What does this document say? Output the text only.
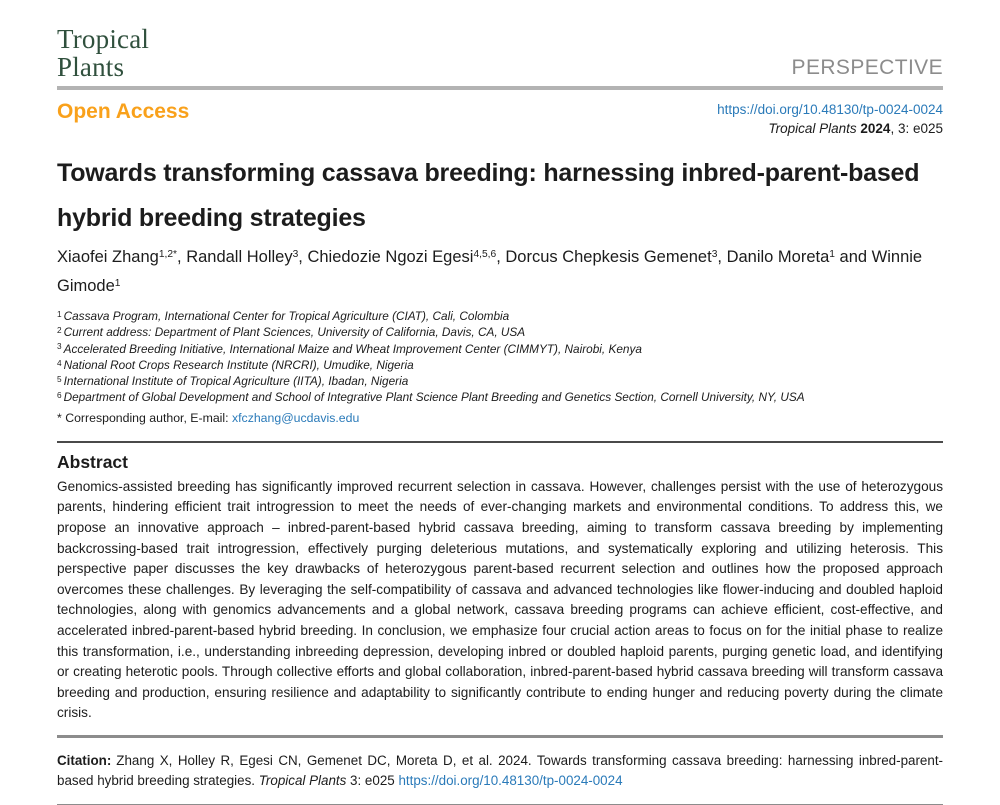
Tropical
Plants	PERSPECTIVE
Open Access	https://doi.org/10.48130/tp-0024-0024
Tropical Plants 2024, 3: e025
Towards transforming cassava breeding: harnessing inbred-parent-based hybrid breeding strategies
Xiaofei Zhang$^{1,2*}$, Randall Holley$^3$, Chiedozie Ngozi Egesi$^{4,5,6}$, Dorcus Chepkesis Gemenet$^3$, Danilo Moreta$^1$ and Winnie Gimode$^1$
$^1$ Cassava Program, International Center for Tropical Agriculture (CIAT), Cali, Colombia
$^2$ Current address: Department of Plant Sciences, University of California, Davis, CA, USA
$^3$ Accelerated Breeding Initiative, International Maize and Wheat Improvement Center (CIMMYT), Nairobi, Kenya
$^4$ National Root Crops Research Institute (NRCRI), Umudike, Nigeria
$^5$ International Institute of Tropical Agriculture (IITA), Ibadan, Nigeria
$^6$ Department of Global Development and School of Integrative Plant Science Plant Breeding and Genetics Section, Cornell University, NY, USA
* Corresponding author, E-mail: xfczhang@ucdavis.edu
Abstract
Genomics-assisted breeding has significantly improved recurrent selection in cassava. However, challenges persist with the use of heterozygous parents, hindering efficient trait introgression to meet the needs of ever-changing markets and environmental conditions. To address this, we propose an innovative approach – inbred-parent-based hybrid cassava breeding, aiming to transform cassava breeding by implementing backcrossing-based trait introgression, effectively purging deleterious mutations, and systematically exploring and utilizing heterosis. This perspective paper discusses the key drawbacks of heterozygous parent-based recurrent selection and outlines how the proposed approach overcomes these challenges. By leveraging the self-compatibility of cassava and advanced technologies like flower-inducing and doubled haploid technologies, along with genomics advancements and a global network, cassava breeding programs can achieve efficient, cost-effective, and accelerated inbred-parent-based hybrid breeding. In conclusion, we emphasize four crucial action areas to focus on for the initial phase to realize this transformation, i.e., understanding inbreeding depression, developing inbred or doubled haploid parents, purging genetic load, and identifying or creating heterotic pools. Through collective efforts and global collaboration, inbred-parent-based hybrid cassava breeding will transform cassava breeding and production, ensuring resilience and adaptability to significantly contribute to ending hunger and reducing poverty during the climate crisis.
Citation: Zhang X, Holley R, Egesi CN, Gemenet DC, Moreta D, et al. 2024. Towards transforming cassava breeding: harnessing inbred-parent-based hybrid breeding strategies. Tropical Plants 3: e025 https://doi.org/10.48130/tp-0024-0024
